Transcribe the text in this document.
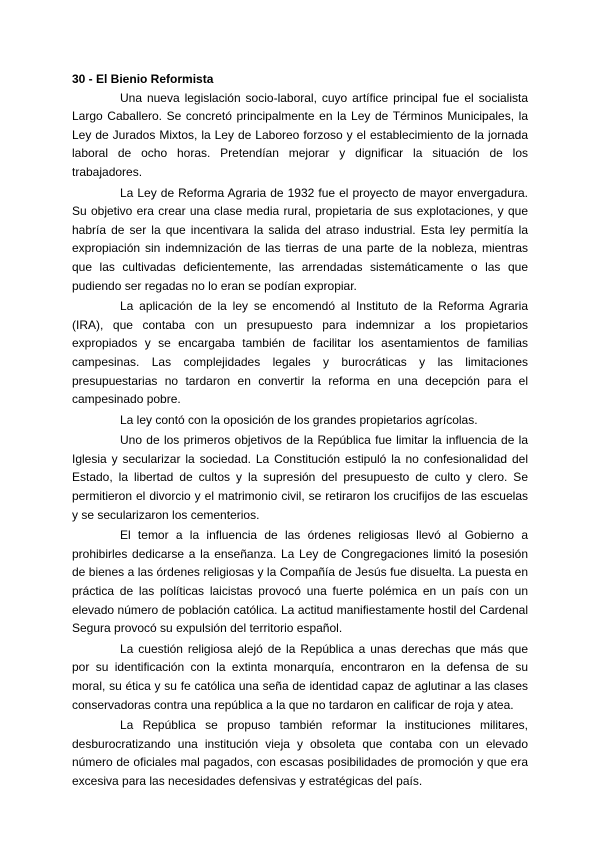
30 - El Bienio Reformista

Una nueva legislación socio-laboral, cuyo artífice principal fue el socialista Largo Caballero. Se concretó principalmente en la Ley de Términos Municipales, la Ley de Jurados Mixtos, la Ley de Laboreo forzoso y el establecimiento de la jornada laboral de ocho horas. Pretendían mejorar y dignificar la situación de los trabajadores.

La Ley de Reforma Agraria de 1932 fue el proyecto de mayor envergadura. Su objetivo era crear una clase media rural, propietaria de sus explotaciones, y que habría de ser la que incentivara la salida del atraso industrial. Esta ley permitía la expropiación sin indemnización de las tierras de una parte de la nobleza, mientras que las cultivadas deficientemente, las arrendadas sistemáticamente o las que pudiendo ser regadas no lo eran se podían expropiar.

La aplicación de la ley se encomendó al Instituto de la Reforma Agraria (IRA), que contaba con un presupuesto para indemnizar a los propietarios expropiados y se encargaba también de facilitar los asentamientos de familias campesinas. Las complejidades legales y burocráticas y las limitaciones presupuestarias no tardaron en convertir la reforma en una decepción para el campesinado pobre.

La ley contó con la oposición de los grandes propietarios agrícolas.

Uno de los primeros objetivos de la República fue limitar la influencia de la Iglesia y secularizar la sociedad. La Constitución estipuló la no confesionalidad del Estado, la libertad de cultos y la supresión del presupuesto de culto y clero. Se permitieron el divorcio y el matrimonio civil, se retiraron los crucifijos de las escuelas y se secularizaron los cementerios.

El temor a la influencia de las órdenes religiosas llevó al Gobierno a prohibirles dedicarse a la enseñanza. La Ley de Congregaciones limitó la posesión de bienes a las órdenes religiosas y la Compañía de Jesús fue disuelta. La puesta en práctica de las políticas laicistas provocó una fuerte polémica en un país con un elevado número de población católica. La actitud manifiestamente hostil del Cardenal Segura provocó su expulsión del territorio español.

La cuestión religiosa alejó de la República a unas derechas que más que por su identificación con la extinta monarquía, encontraron en la defensa de su moral, su ética y su fe católica una seña de identidad capaz de aglutinar a las clases conservadoras contra una república a la que no tardaron en calificar de roja y atea.

La República se propuso también reformar la instituciones militares, desburocratizando una institución vieja y obsoleta que contaba con un elevado número de oficiales mal pagados, con escasas posibilidades de promoción y que era excesiva para las necesidades defensivas y estratégicas del país.
